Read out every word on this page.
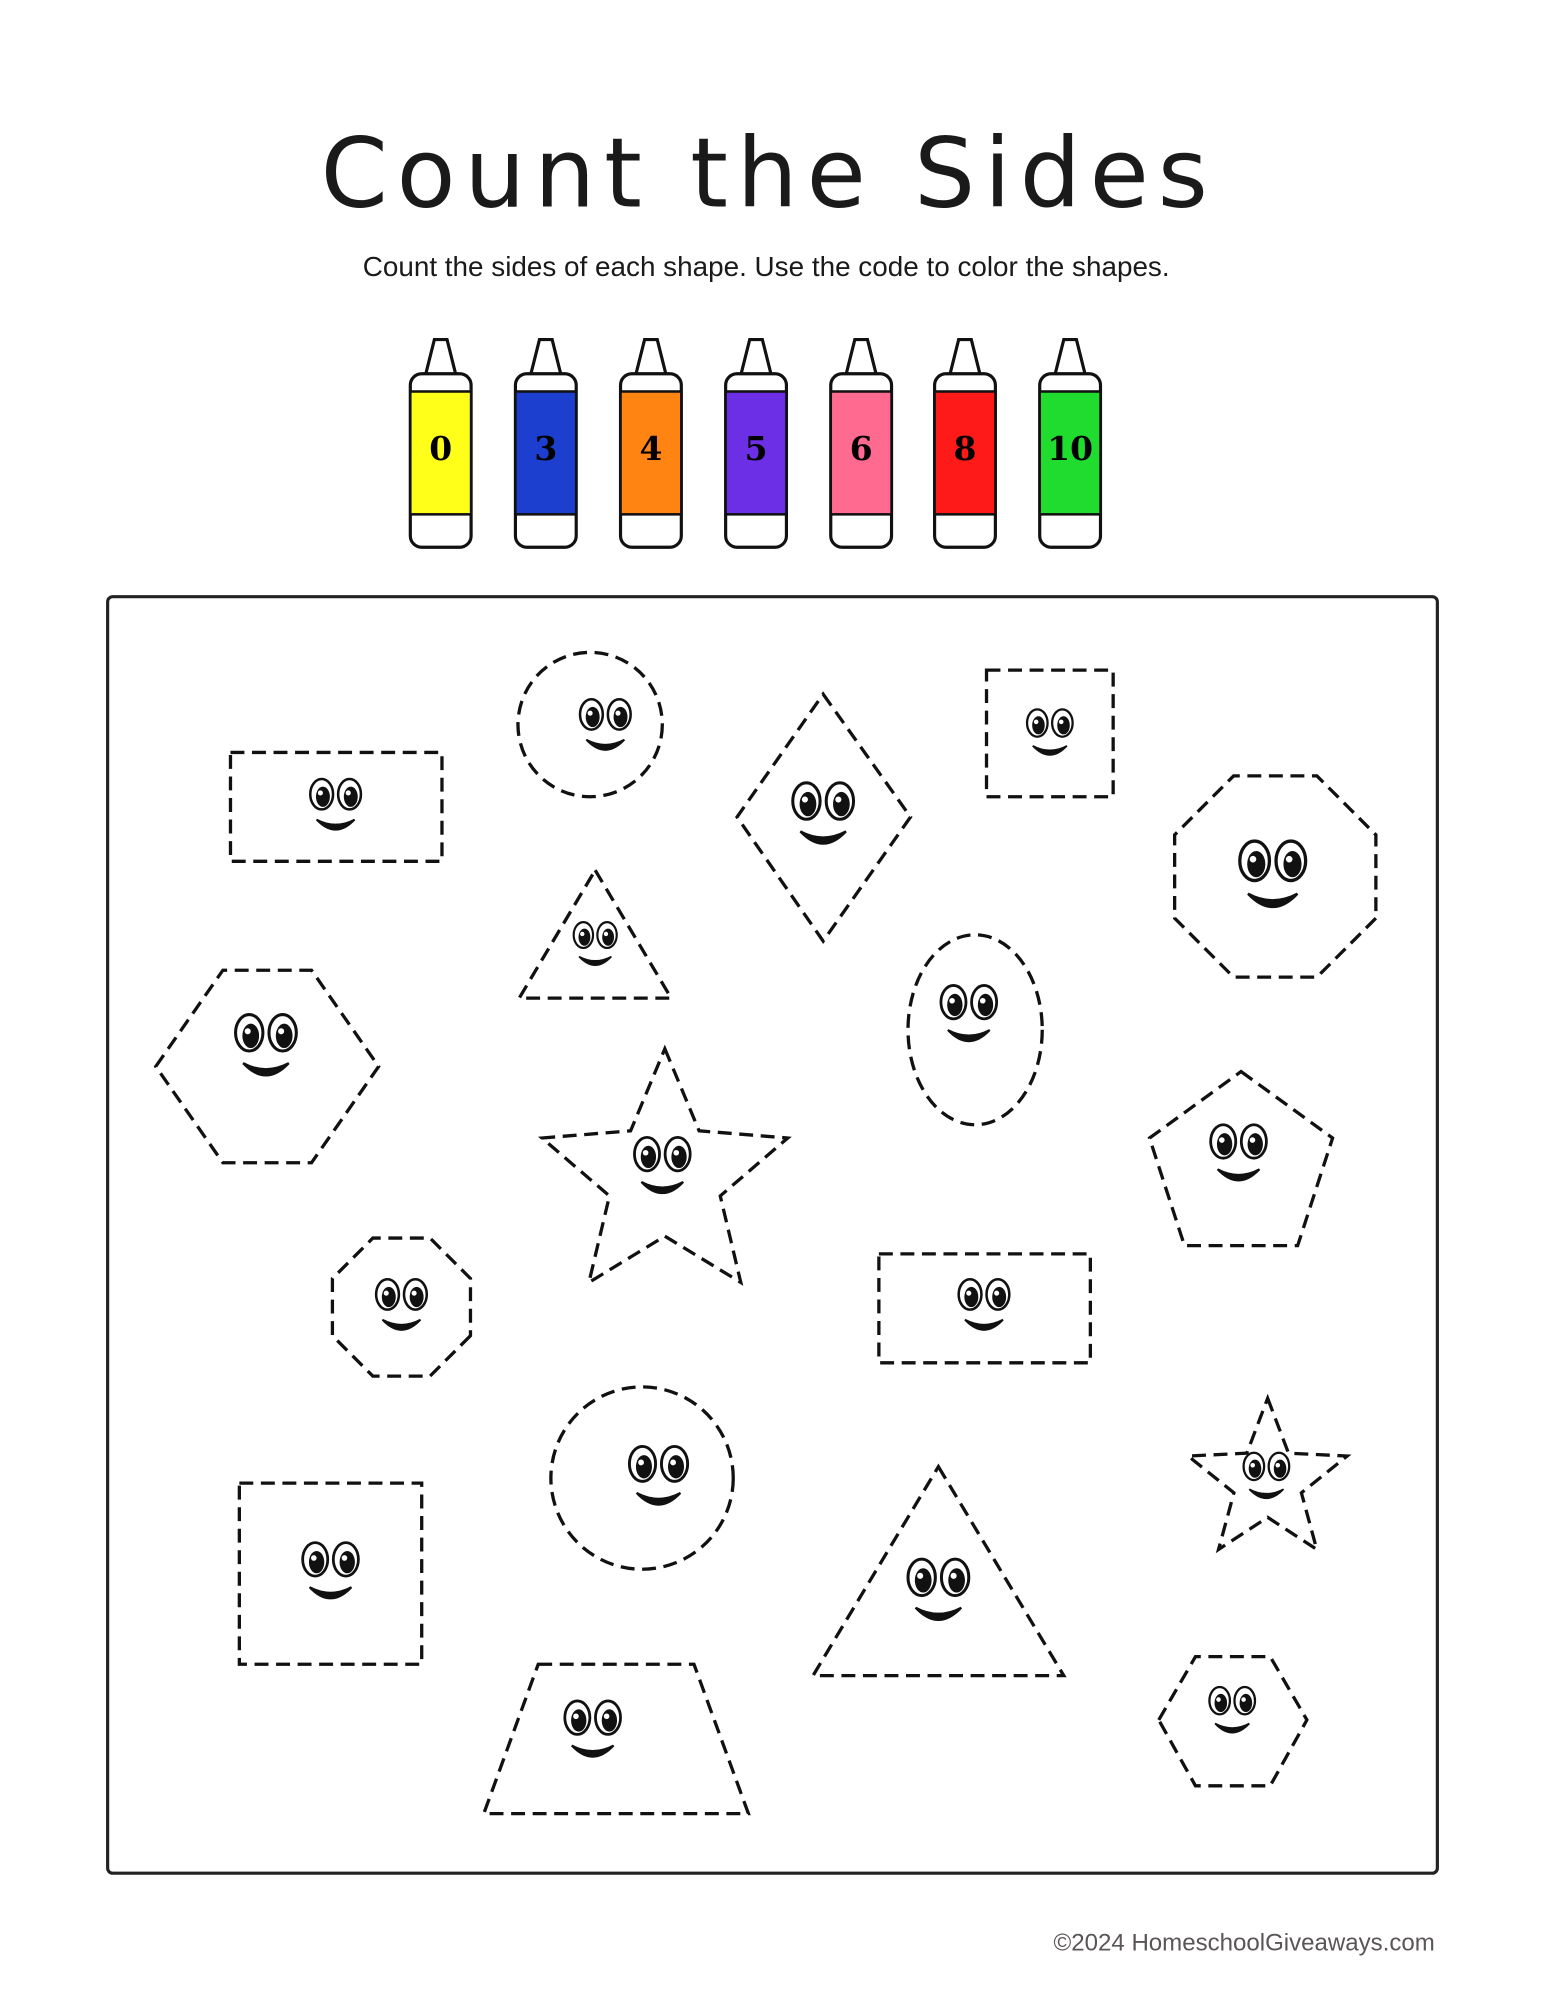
Count the Sides
Count the sides of each shape. Use the code to color the shapes.
0	3	4	5	6	8	10
©2024 HomeschoolGiveaways.com
